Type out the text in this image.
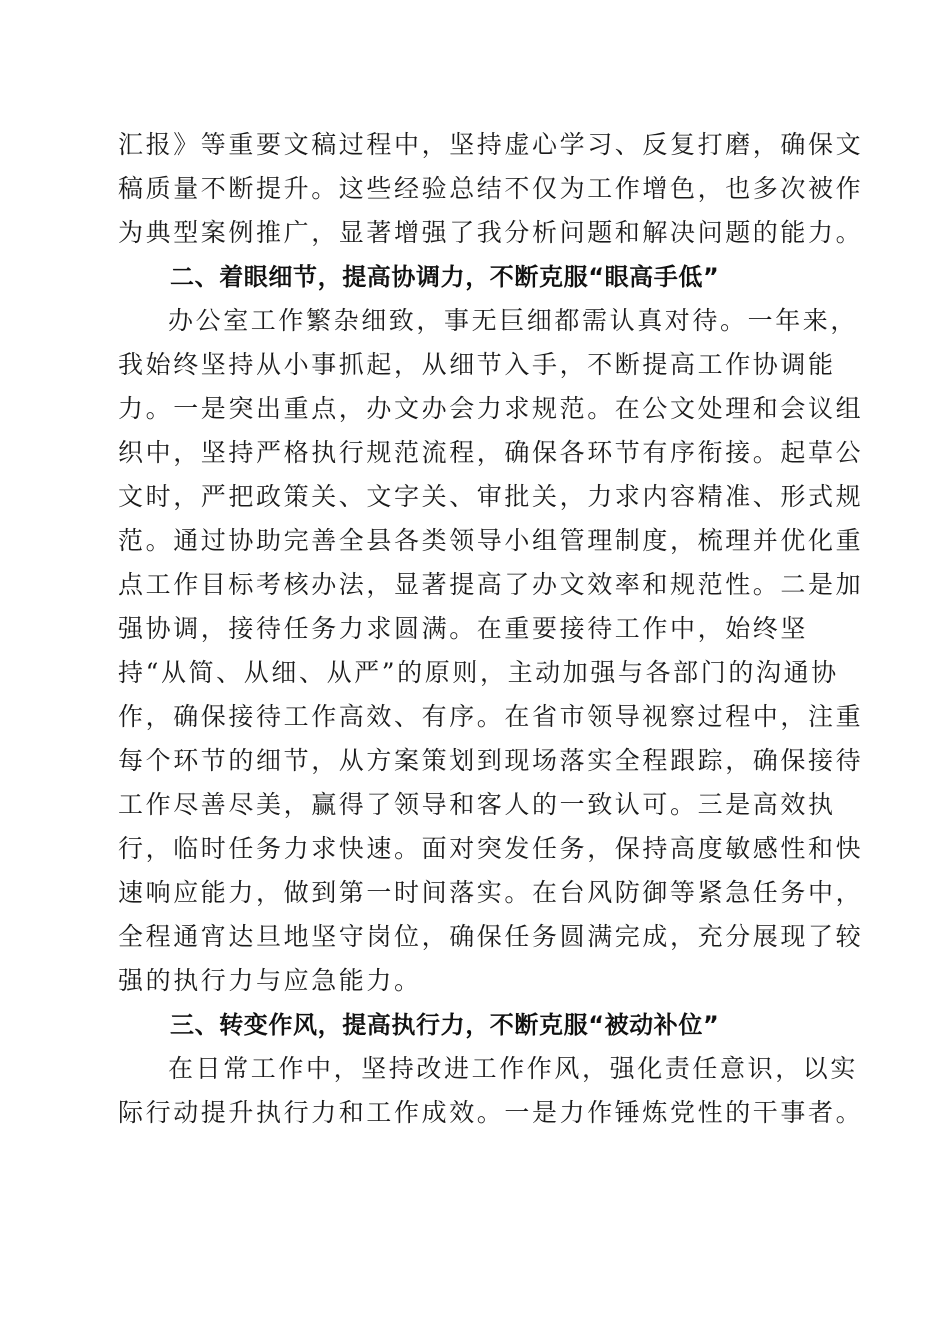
汇报》等重要文稿过程中，坚持虚心学习、反复打磨，确保文
稿质量不断提升。这些经验总结不仅为工作增色，也多次被作
为典型案例推广，显著增强了我分析问题和解决问题的能力。
二、着眼细节，提高协调力，不断克服“眼高手低”
办公室工作繁杂细致，事无巨细都需认真对待。一年来，
我始终坚持从小事抓起，从细节入手，不断提高工作协调能
力。一是突出重点，办文办会力求规范。在公文处理和会议组
织中，坚持严格执行规范流程，确保各环节有序衔接。起草公
文时，严把政策关、文字关、审批关，力求内容精准、形式规
范。通过协助完善全县各类领导小组管理制度，梳理并优化重
点工作目标考核办法，显著提高了办文效率和规范性。二是加
强协调，接待任务力求圆满。在重要接待工作中，始终坚
持“从简、从细、从严”的原则，主动加强与各部门的沟通协
作，确保接待工作高效、有序。在省市领导视察过程中，注重
每个环节的细节，从方案策划到现场落实全程跟踪，确保接待
工作尽善尽美，赢得了领导和客人的一致认可。三是高效执
行，临时任务力求快速。面对突发任务，保持高度敏感性和快
速响应能力，做到第一时间落实。在台风防御等紧急任务中，
全程通宵达旦地坚守岗位，确保任务圆满完成，充分展现了较
强的执行力与应急能力。
三、转变作风，提高执行力，不断克服“被动补位”
在日常工作中，坚持改进工作作风，强化责任意识，以实
际行动提升执行力和工作成效。一是力作锤炼党性的干事者。
